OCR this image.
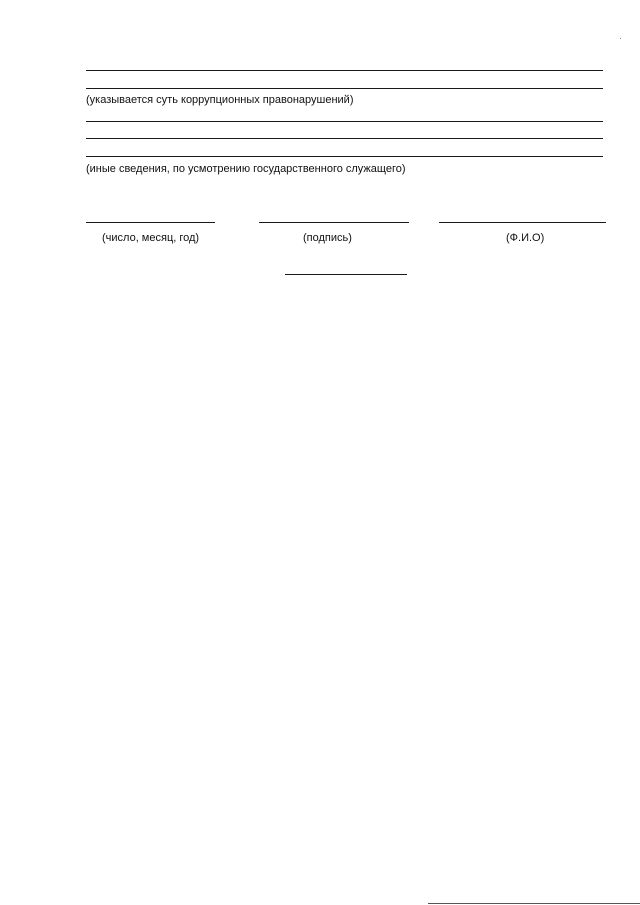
(указывается суть коррупционных правонарушений)
(иные сведения, по усмотрению государственного служащего)
(число, месяц, год)	(подпись)	(Ф.И.О)
